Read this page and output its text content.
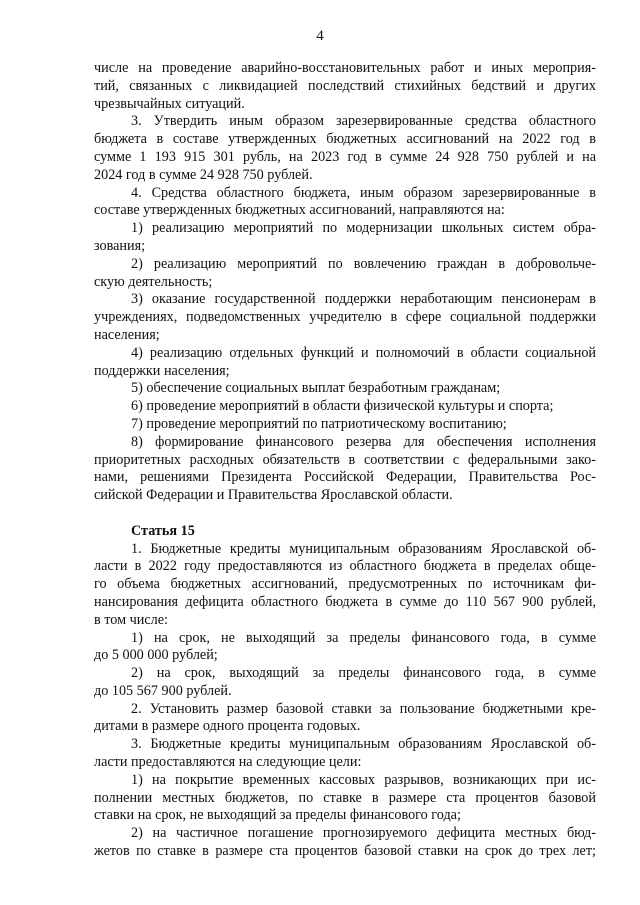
4
числе на проведение аварийно-восстановительных работ и иных мероприя-
тий, связанных с ликвидацией последствий стихийных бедствий и других
чрезвычайных ситуаций.
3. Утвердить иным образом зарезервированные средства областного
бюджета в составе утвержденных бюджетных ассигнований на 2022 год в
сумме 1 193 915 301 рубль, на 2023 год в сумме 24 928 750 рублей и на
2024 год в сумме 24 928 750 рублей.
4. Средства областного бюджета, иным образом зарезервированные в
составе утвержденных бюджетных ассигнований, направляются на:
1) реализацию мероприятий по модернизации школьных систем обра-
зования;
2) реализацию мероприятий по вовлечению граждан в добровольче-
скую деятельность;
3) оказание государственной поддержки неработающим пенсионерам в
учреждениях, подведомственных учредителю в сфере социальной поддержки
населения;
4) реализацию отдельных функций и полномочий в области социальной
поддержки населения;
5) обеспечение социальных выплат безработным гражданам;
6) проведение мероприятий в области физической культуры и спорта;
7) проведение мероприятий по патриотическому воспитанию;
8) формирование финансового резерва для обеспечения исполнения
приоритетных расходных обязательств в соответствии с федеральными зако-
нами, решениями Президента Российской Федерации, Правительства Рос-
сийской Федерации и Правительства Ярославской области.
Статья 15
1. Бюджетные кредиты муниципальным образованиям Ярославской об-
ласти в 2022 году предоставляются из областного бюджета в пределах обще-
го объема бюджетных ассигнований, предусмотренных по источникам фи-
нансирования дефицита областного бюджета в сумме до 110 567 900 рублей,
в том числе:
1) на срок, не выходящий за пределы финансового года, в сумме
до 5 000 000 рублей;
2) на срок, выходящий за пределы финансового года, в сумме
до 105 567 900 рублей.
2. Установить размер базовой ставки за пользование бюджетными кре-
дитами в размере одного процента годовых.
3. Бюджетные кредиты муниципальным образованиям Ярославской об-
ласти предоставляются на следующие цели:
1) на покрытие временных кассовых разрывов, возникающих при ис-
полнении местных бюджетов, по ставке в размере ста процентов базовой
ставки на срок, не выходящий за пределы финансового года;
2) на частичное погашение прогнозируемого дефицита местных бюд-
жетов по ставке в размере ста процентов базовой ставки на срок до трех лет;
